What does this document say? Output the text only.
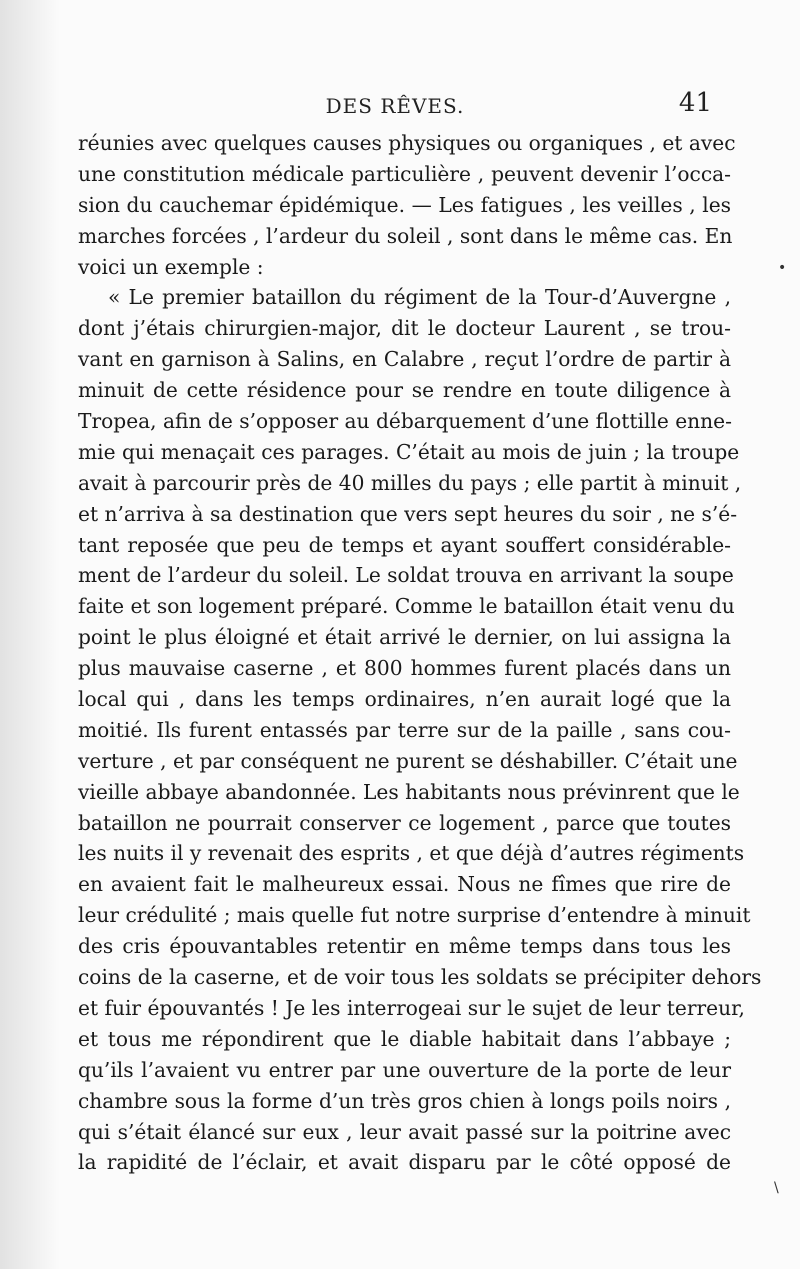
DES RÊVES.	41
réunies avec quelques causes physiques ou organiques , et avec
une constitution médicale particulière , peuvent devenir l’occa-
sion du cauchemar épidémique. — Les fatigues , les veilles , les
marches forcées , l’ardeur du soleil , sont dans le même cas. En
voici un exemple :
« Le premier bataillon du régiment de la Tour-d’Auvergne ,
dont j’étais chirurgien-major, dit le docteur Laurent , se trou-
vant en garnison à Salins, en Calabre , reçut l’ordre de partir à
minuit de cette résidence pour se rendre en toute diligence à
Tropea, afin de s’opposer au débarquement d’une flottille enne-
mie qui menaçait ces parages. C’était au mois de juin ; la troupe
avait à parcourir près de 40 milles du pays ; elle partit à minuit ,
et n’arriva à sa destination que vers sept heures du soir , ne s’é-
tant reposée que peu de temps et ayant souffert considérable-
ment de l’ardeur du soleil. Le soldat trouva en arrivant la soupe
faite et son logement préparé. Comme le bataillon était venu du
point le plus éloigné et était arrivé le dernier, on lui assigna la
plus mauvaise caserne , et 800 hommes furent placés dans un
local qui , dans les temps ordinaires, n’en aurait logé que la
moitié. Ils furent entassés par terre sur de la paille , sans cou-
verture , et par conséquent ne purent se déshabiller. C’était une
vieille abbaye abandonnée. Les habitants nous prévinrent que le
bataillon ne pourrait conserver ce logement , parce que toutes
les nuits il y revenait des esprits , et que déjà d’autres régiments
en avaient fait le malheureux essai. Nous ne fîmes que rire de
leur crédulité ; mais quelle fut notre surprise d’entendre à minuit
des cris épouvantables retentir en même temps dans tous les
coins de la caserne, et de voir tous les soldats se précipiter dehors
et fuir épouvantés ! Je les interrogeai sur le sujet de leur terreur,
et tous me répondirent que le diable habitait dans l’abbaye ;
qu’ils l’avaient vu entrer par une ouverture de la porte de leur
chambre sous la forme d’un très gros chien à longs poils noirs ,
qui s’était élancé sur eux , leur avait passé sur la poitrine avec
la rapidité de l’éclair, et avait disparu par le côté opposé de
•
\
